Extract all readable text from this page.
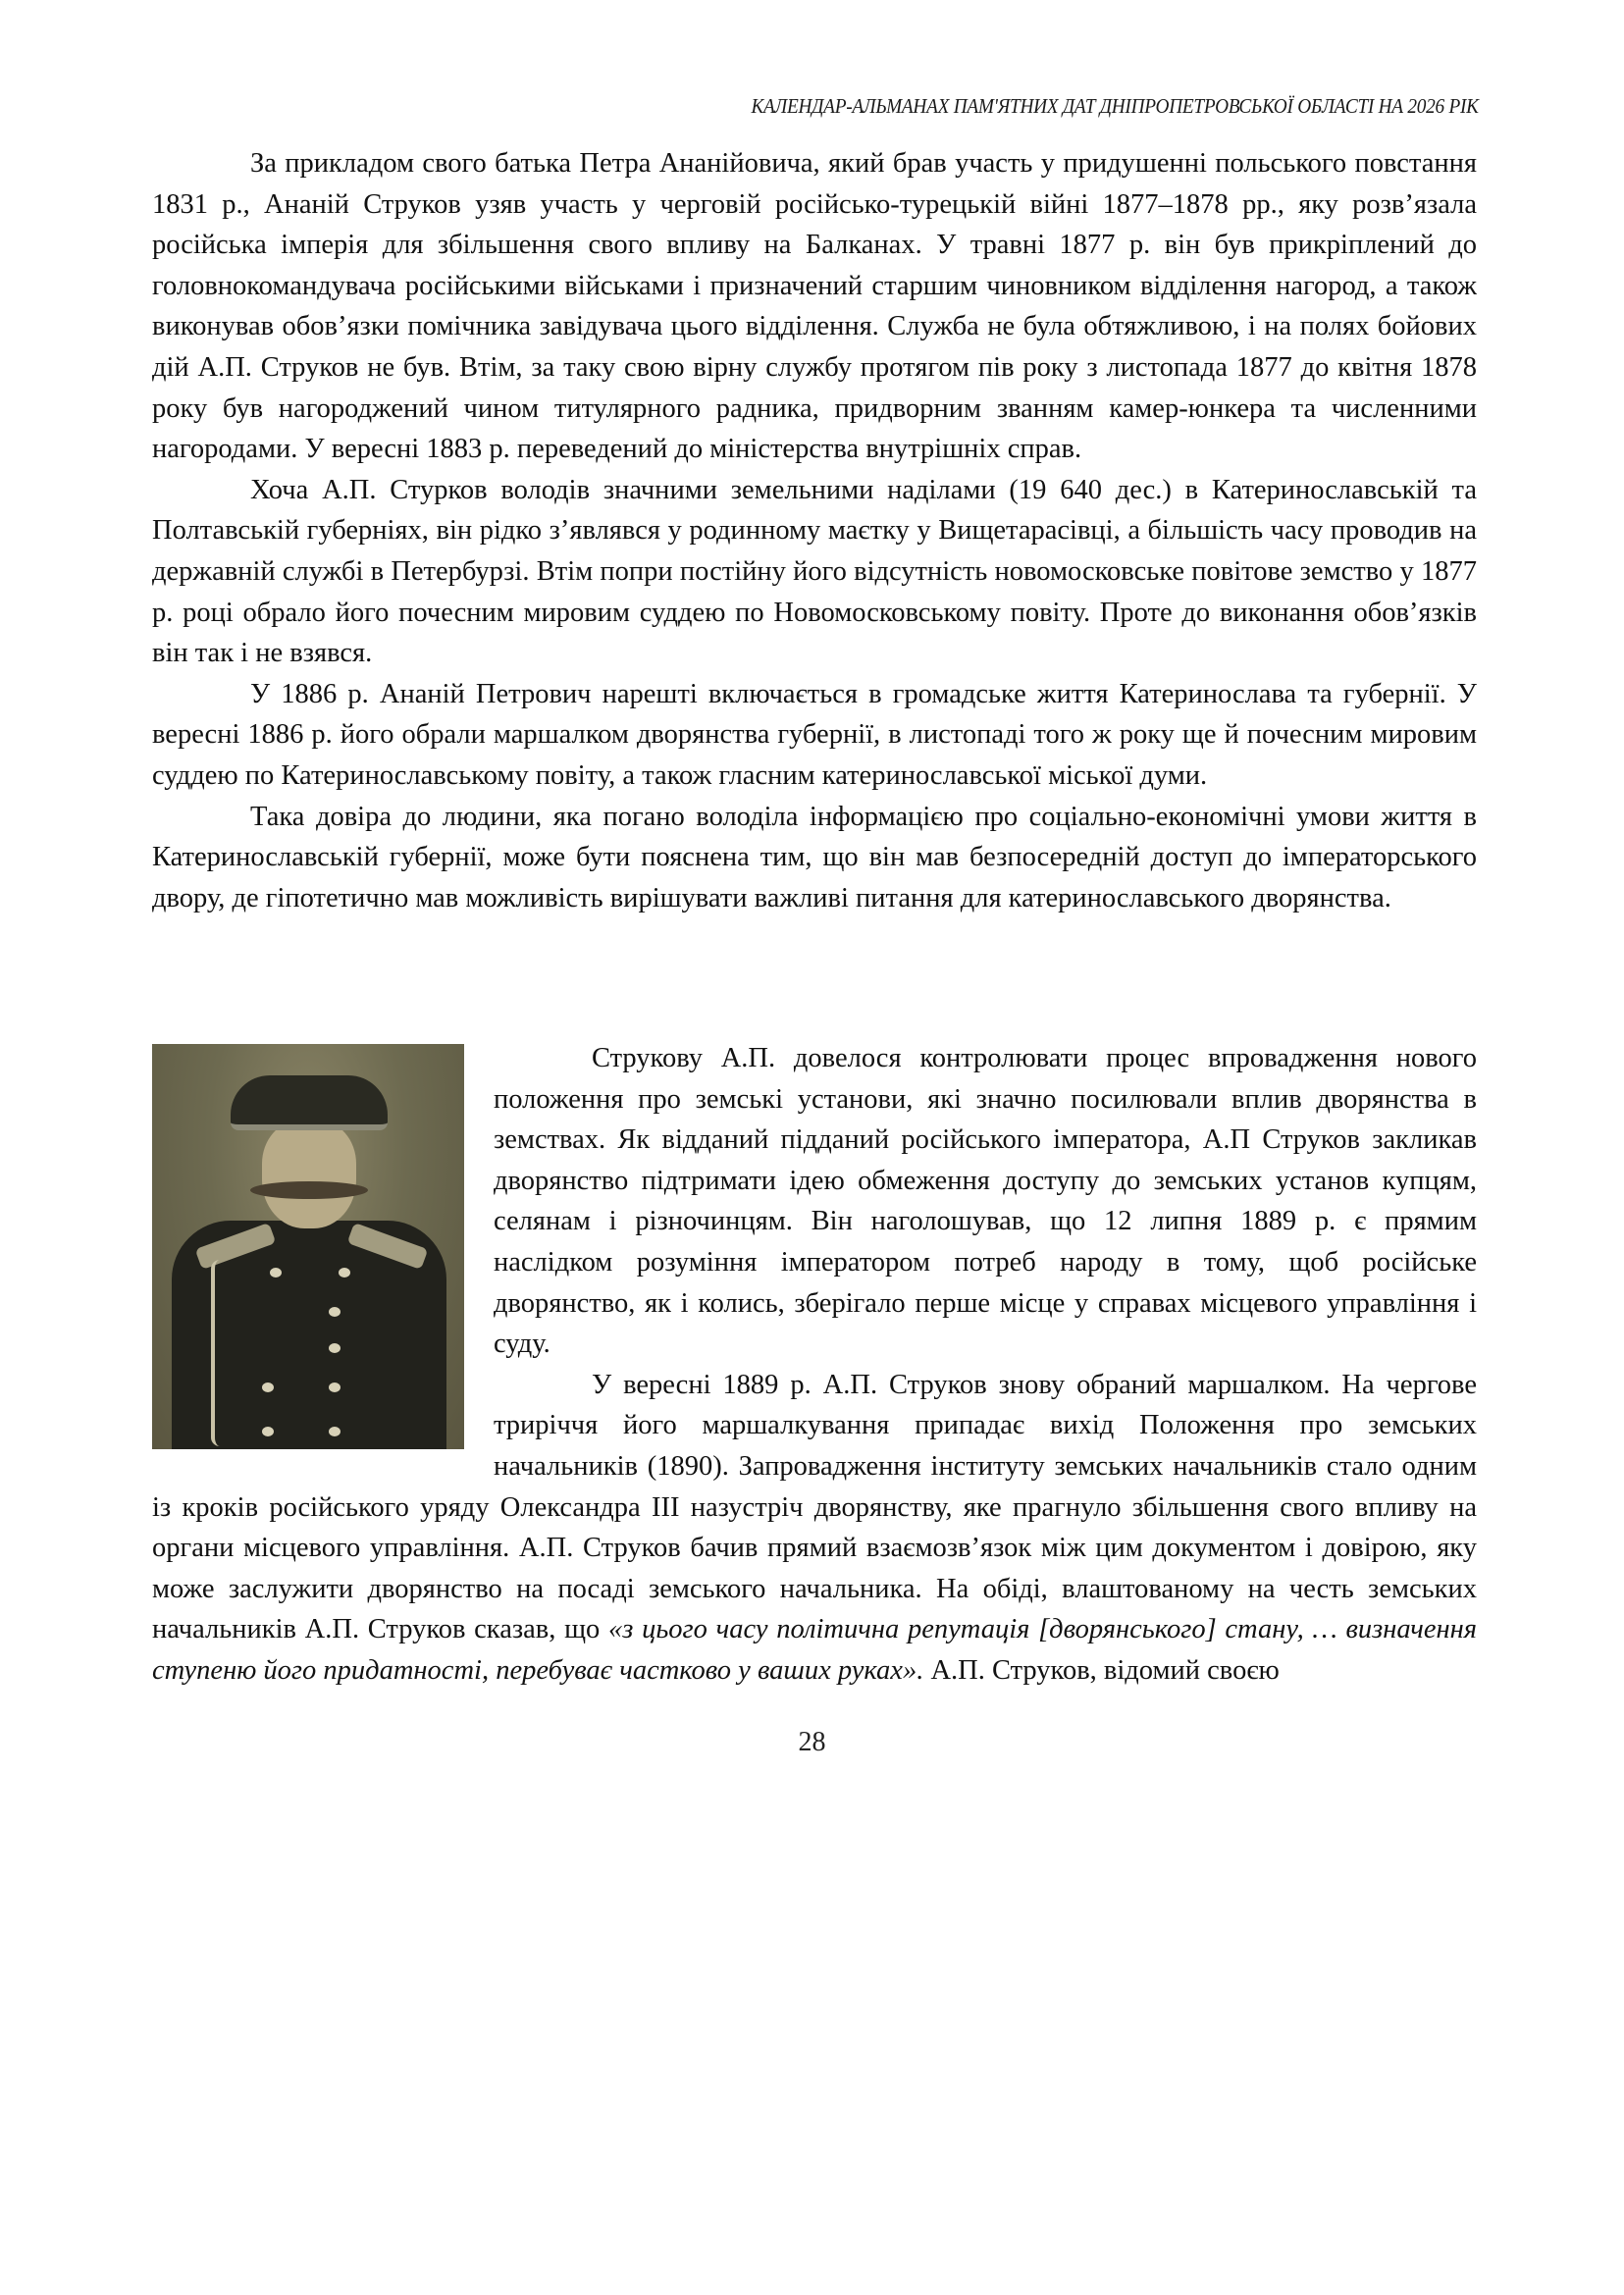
КАЛЕНДАР-АЛЬМАНАХ ПАМ'ЯТНИХ ДАТ ДНІПРОПЕТРОВСЬКОЇ ОБЛАСТІ НА 2026 РІК

За прикладом свого батька Петра Ананійовича, який брав участь у придушенні польського повстання 1831 р., Ананій Струков узяв участь у черговій російсько-турецькій війні 1877–1878 рр., яку розв’язала російська імперія для збільшення свого впливу на Балканах. У травні 1877 р. він був прикріплений до головнокомандувача російськими військами і призначений старшим чиновником відділення нагород, а також виконував обов’язки помічника завідувача цього відділення. Служба не була обтяжливою, і на полях бойових дій А.П. Струков не був. Втім, за таку свою вірну службу протягом пів року з листопада 1877 до квітня 1878 року був нагороджений чином титулярного радника, придворним званням камер-юнкера та численними нагородами. У вересні 1883 р. переведений до міністерства внутрішніх справ.

Хоча А.П. Стурков володів значними земельними наділами (19 640 дес.) в Катеринославській та Полтавській губерніях, він рідко з’являвся у родинному маєтку у Вищетарасівці, а більшість часу проводив на державній службі в Петербурзі. Втім попри постійну його відсутність новомосковське повітове земство у 1877 р. році обрало його почесним мировим суддею по Новомосковському повіту. Проте до виконання обов’язків він так і не взявся.

У 1886 р. Ананій Петрович нарешті включається в громадське життя Катеринослава та губернії. У вересні 1886 р. його обрали маршалком дворянства губернії, в листопаді того ж року ще й почесним мировим суддею по Катеринославському повіту, а також гласним катеринославської міської думи.

Така довіра до людини, яка погано володіла інформацією про соціально-економічні умови життя в Катеринославській губернії, може бути пояснена тим, що він мав безпосередній доступ до імператорського двору, де гіпотетично мав можливість вирішувати важливі питання для катеринославського дворянства.

Струкову А.П. довелося контролювати процес впровадження нового положення про земські установи, які значно посилювали вплив дворянства в земствах. Як відданий підданий російського імператора, А.П Струков закликав дворянство підтримати ідею обмеження доступу до земських установ купцям, селянам і різночинцям. Він наголошував, що 12 липня 1889 р. є прямим наслідком розуміння імператором потреб народу в тому, щоб російське дворянство, як і колись, зберігало перше місце у справах місцевого управління і суду.

У вересні 1889 р. А.П. Струков знову обраний маршалком. На чергове триріччя його маршалкування припадає вихід Положення про земських начальників (1890). Запровадження інституту земських начальників стало одним із кроків російського уряду Олександра III назустріч дворянству, яке прагнуло збільшення свого впливу на органи місцевого управління. А.П. Струков бачив прямий взаємозв’язок між цим документом і довірою, яку може заслужити дворянство на посаді земського начальника. На обіді, влаштованому на честь земських начальників А.П. Струков сказав, що «з цього часу політична репутація [дворянського] стану, … визначення ступеню його придатності, перебуває частково у ваших руках». А.П. Струков, відомий своєю

28
